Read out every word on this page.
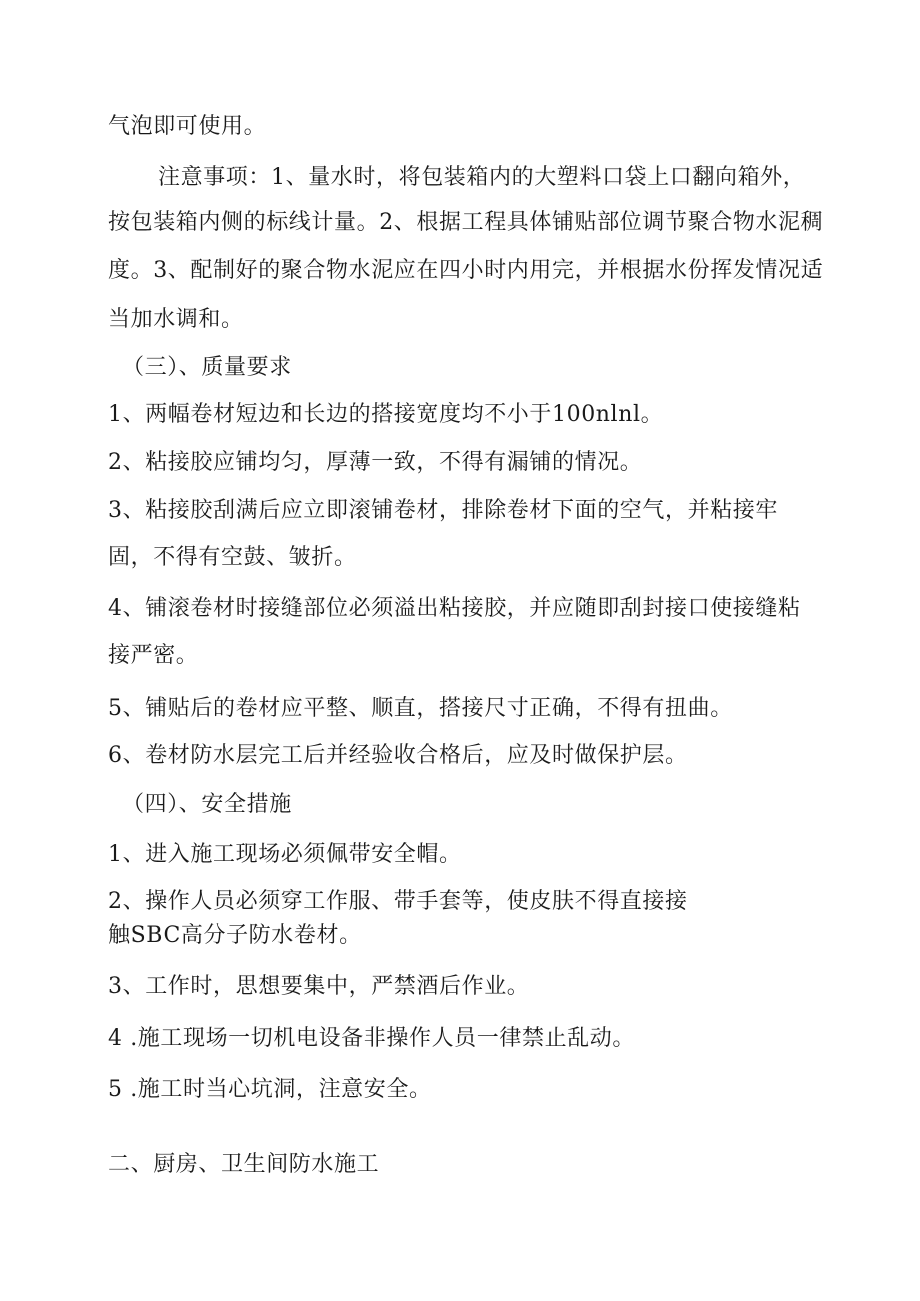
气泡即可使用。
注意事项：1、量水时，将包装箱内的大塑料口袋上口翻向箱外，
按包装箱内侧的标线计量。2、根据工程具体铺贴部位调节聚合物水泥稠
度。3、配制好的聚合物水泥应在四小时内用完，并根据水份挥发情况适
当加水调和。
（三）、质量要求
1、两幅卷材短边和长边的搭接宽度均不小于100nlnl。
2、粘接胶应铺均匀，厚薄一致，不得有漏铺的情况。
3、粘接胶刮满后应立即滚铺卷材，排除卷材下面的空气，并粘接牢
固，不得有空鼓、皱折。
4、铺滚卷材时接缝部位必须溢出粘接胶，并应随即刮封接口使接缝粘
接严密。
5、铺贴后的卷材应平整、顺直，搭接尺寸正确，不得有扭曲。
6、卷材防水层完工后并经验收合格后，应及时做保护层。
（四）、安全措施
1、进入施工现场必须佩带安全帽。
2、操作人员必须穿工作服、带手套等，使皮肤不得直接接
触SBC高分子防水卷材。
3、工作时，思想要集中，严禁酒后作业。
4 .施工现场一切机电设备非操作人员一律禁止乱动。
5 .施工时当心坑洞，注意安全。
二、厨房、卫生间防水施工
